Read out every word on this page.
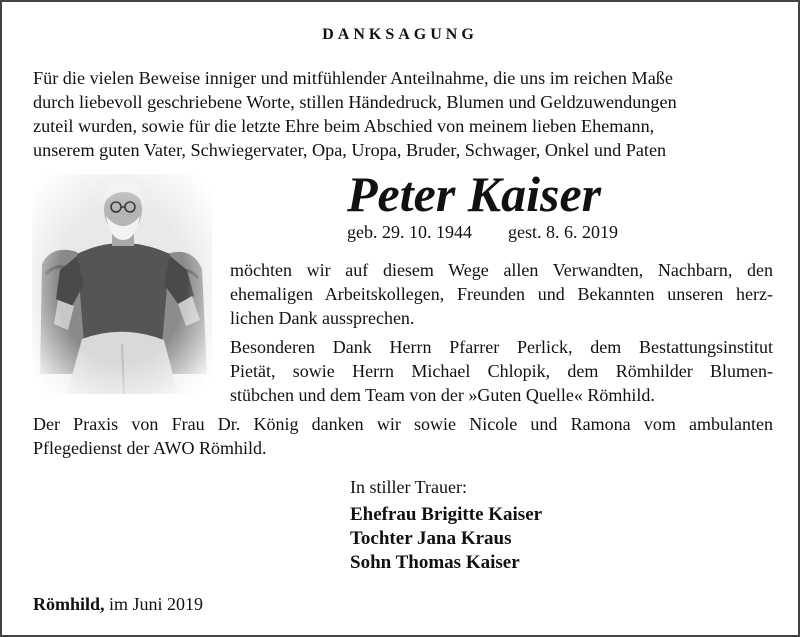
DANKSAGUNG

Für die vielen Beweise inniger und mitfühlender Anteilnahme, die uns im reichen Maße
durch liebevoll geschriebene Worte, stillen Händedruck, Blumen und Geldzuwendungen
zuteil wurden, sowie für die letzte Ehre beim Abschied von meinem lieben Ehemann,
unserem guten Vater, Schwiegervater, Opa, Uropa, Bruder, Schwager, Onkel und Paten

Peter Kaiser
geb. 29. 10. 1944 gest. 8. 6. 2019

möchten wir auf diesem Wege allen Verwandten, Nachbarn, den
ehemaligen Arbeitskollegen, Freunden und Bekannten unseren herz-
lichen Dank aussprechen.

Besonderen Dank Herrn Pfarrer Perlick, dem Bestattungsinstitut
Pietät, sowie Herrn Michael Chlopik, dem Römhilder Blumen-
stübchen und dem Team von der »Guten Quelle« Römhild.

Der Praxis von Frau Dr. König danken wir sowie Nicole und Ramona vom ambulanten
Pflegedienst der AWO Römhild.

In stiller Trauer:
Ehefrau Brigitte Kaiser
Tochter Jana Kraus
Sohn Thomas Kaiser
Römhild, im Juni 2019
